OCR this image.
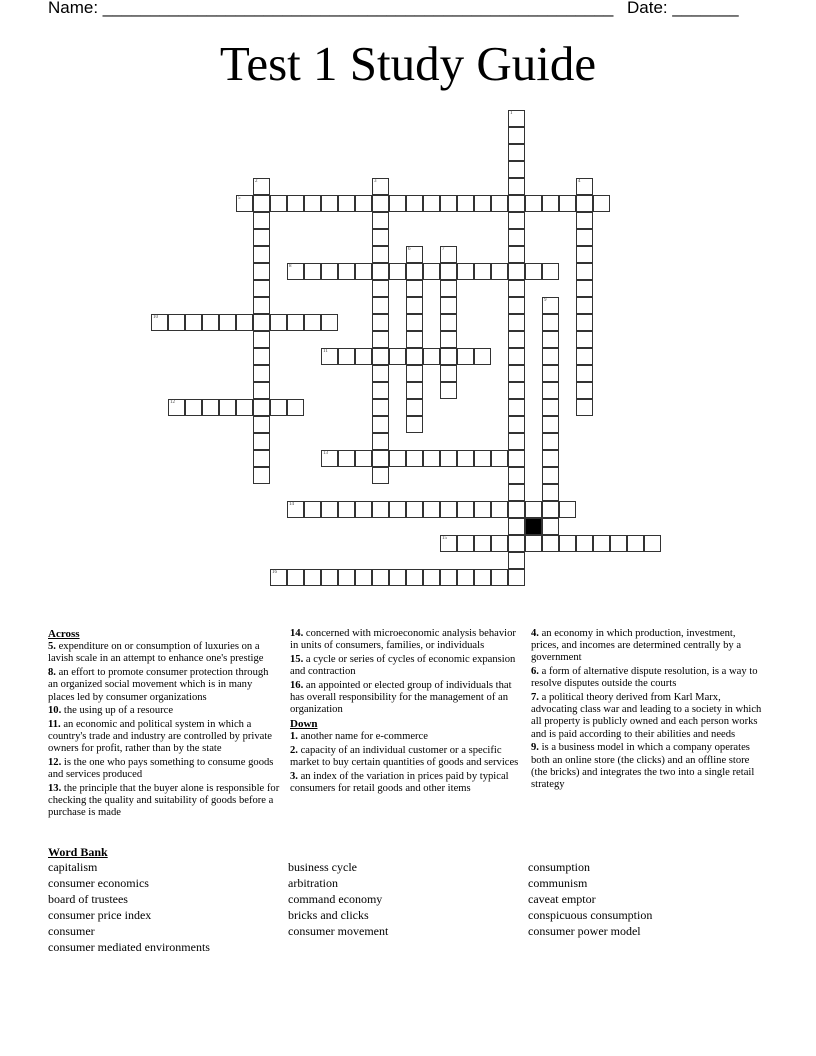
Name: ______________________________________________________ Date: _______
Test 1 Study Guide
1
2	3	4
5
6	7
8
9
10
11
12
13
14
15
16
Across
5. expenditure on or consumption of luxuries on a lavish scale in an attempt to enhance one's prestige
8. an effort to promote consumer protection through an organized social movement which is in many places led by consumer organizations
10. the using up of a resource
11. an economic and political system in which a country's trade and industry are controlled by private owners for profit, rather than by the state
12. is the one who pays something to consume goods and services produced
13. the principle that the buyer alone is responsible for checking the quality and suitability of goods before a purchase is made
14. concerned with microeconomic analysis behavior in units of consumers, families, or individuals
15. a cycle or series of cycles of economic expansion and contraction
16. an appointed or elected group of individuals that has overall responsibility for the management of an organization
Down
1. another name for e-commerce
2. capacity of an individual customer or a specific market to buy certain quantities of goods and services
3. an index of the variation in prices paid by typical consumers for retail goods and other items
4. an economy in which production, investment, prices, and incomes are determined centrally by a government
6. a form of alternative dispute resolution, is a way to resolve disputes outside the courts
7. a political theory derived from Karl Marx, advocating class war and leading to a society in which all property is publicly owned and each person works and is paid according to their abilities and needs
9. is a business model in which a company operates both an online store (the clicks) and an offline store (the bricks) and integrates the two into a single retail strategy
Word Bank
capitalism
consumer economics
board of trustees
consumer price index
consumer
consumer mediated environments
business cycle
arbitration
command economy
bricks and clicks
consumer movement
consumption
communism
caveat emptor
conspicuous consumption
consumer power model
